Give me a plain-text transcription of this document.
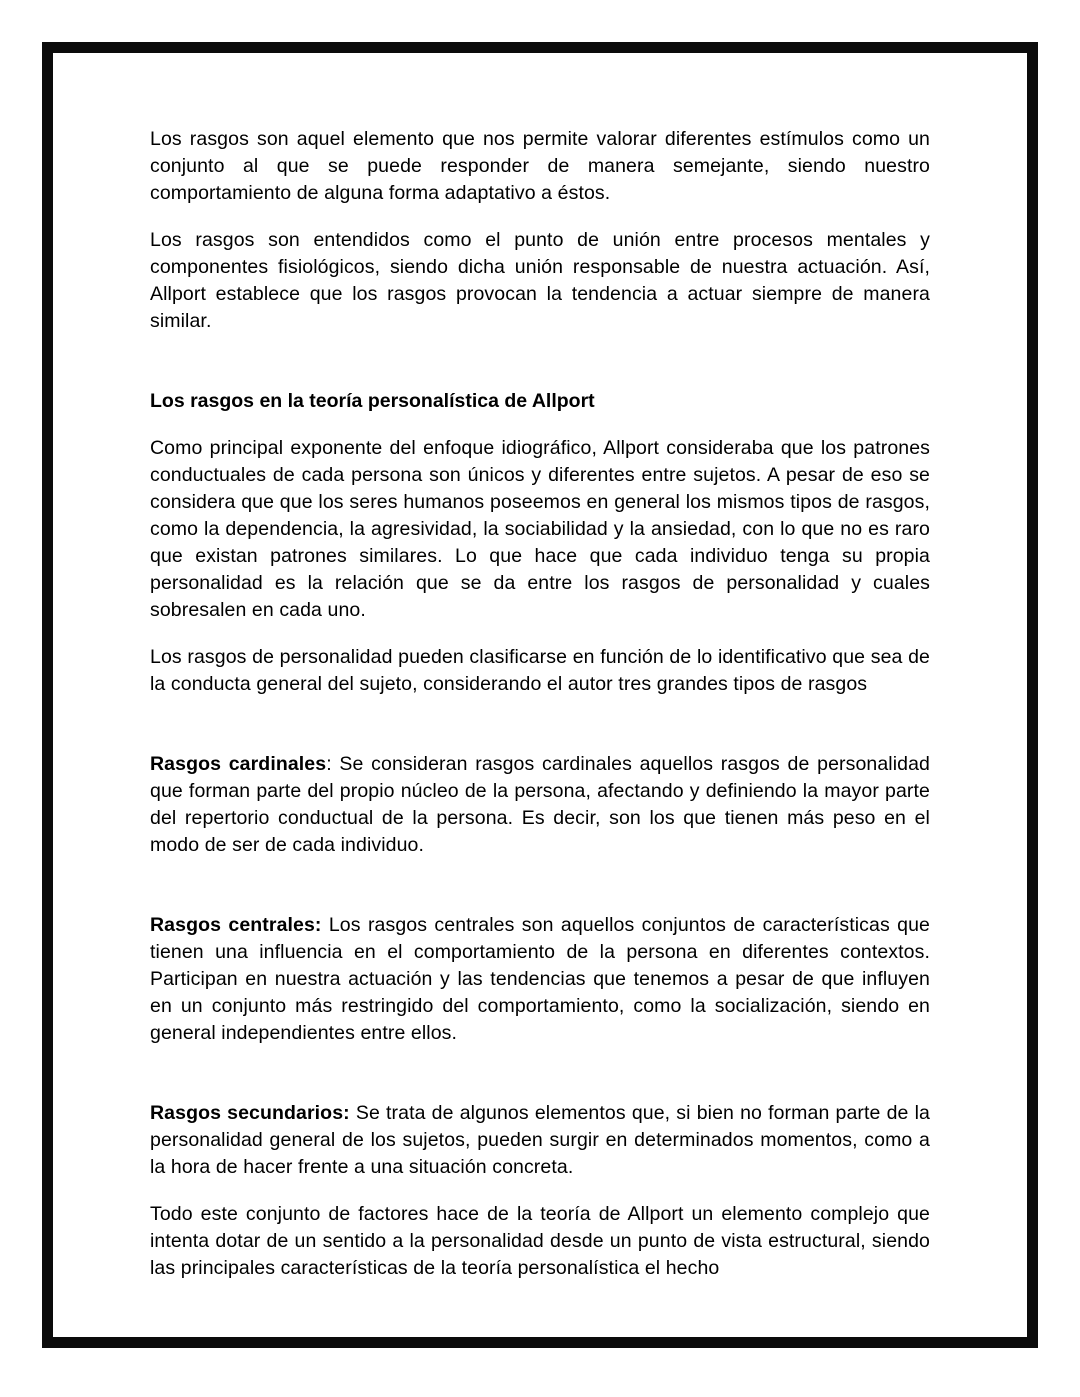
Los rasgos son aquel elemento que nos permite valorar diferentes estímulos como un conjunto al que se puede responder de manera semejante, siendo nuestro comportamiento de alguna forma adaptativo a éstos.

Los rasgos son entendidos como el punto de unión entre procesos mentales y componentes fisiológicos, siendo dicha unión responsable de nuestra actuación. Así, Allport establece que los rasgos provocan la tendencia a actuar siempre de manera similar.

Los rasgos en la teoría personalística de Allport

Como principal exponente del enfoque idiográfico, Allport consideraba que los patrones conductuales de cada persona son únicos y diferentes entre sujetos. A pesar de eso se considera que que los seres humanos poseemos en general los mismos tipos de rasgos, como la dependencia, la agresividad, la sociabilidad y la ansiedad, con lo que no es raro que existan patrones similares. Lo que hace que cada individuo tenga su propia personalidad es la relación que se da entre los rasgos de personalidad y cuales sobresalen en cada uno.

Los rasgos de personalidad pueden clasificarse en función de lo identificativo que sea de la conducta general del sujeto, considerando el autor tres grandes tipos de rasgos

Rasgos cardinales: Se consideran rasgos cardinales aquellos rasgos de personalidad que forman parte del propio núcleo de la persona, afectando y definiendo la mayor parte del repertorio conductual de la persona. Es decir, son los que tienen más peso en el modo de ser de cada individuo.

Rasgos centrales: Los rasgos centrales son aquellos conjuntos de características que tienen una influencia en el comportamiento de la persona en diferentes contextos. Participan en nuestra actuación y las tendencias que tenemos a pesar de que influyen en un conjunto más restringido del comportamiento, como la socialización, siendo en general independientes entre ellos.

Rasgos secundarios: Se trata de algunos elementos que, si bien no forman parte de la personalidad general de los sujetos, pueden surgir en determinados momentos, como a la hora de hacer frente a una situación concreta.

Todo este conjunto de factores hace de la teoría de Allport un elemento complejo que intenta dotar de un sentido a la personalidad desde un punto de vista estructural, siendo las principales características de la teoría personalística el hecho
